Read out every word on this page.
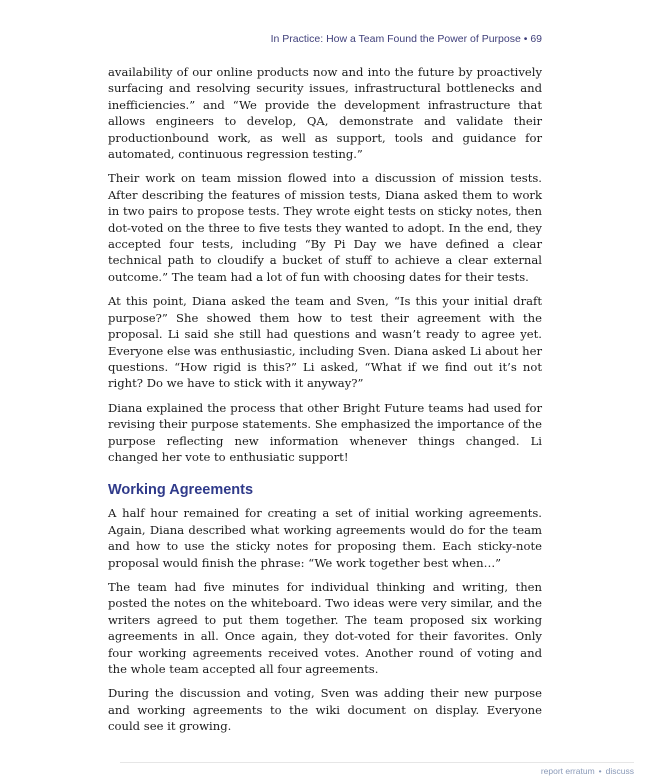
In Practice: How a Team Found the Power of Purpose • 69

availability of our online products now and into the future by proactively surfacing and resolving security issues, infrastructural bottlenecks and inefficiencies.” and “We provide the development infrastructure that allows engineers to develop, QA, demonstrate and validate their productionbound work, as well as support, tools and guidance for automated, continuous regression testing.”

Their work on team mission flowed into a discussion of mission tests. After describing the features of mission tests, Diana asked them to work in two pairs to propose tests. They wrote eight tests on sticky notes, then dot-voted on the three to five tests they wanted to adopt. In the end, they accepted four tests, including “By Pi Day we have defined a clear technical path to cloudify a bucket of stuff to achieve a clear external outcome.” The team had a lot of fun with choosing dates for their tests.

At this point, Diana asked the team and Sven, “Is this your initial draft purpose?” She showed them how to test their agreement with the proposal. Li said she still had questions and wasn’t ready to agree yet. Everyone else was enthusiastic, including Sven. Diana asked Li about her questions. “How rigid is this?” Li asked, “What if we find out it’s not right? Do we have to stick with it anyway?”

Diana explained the process that other Bright Future teams had used for revising their purpose statements. She emphasized the importance of the purpose reflecting new information whenever things changed. Li changed her vote to enthusiatic support!

Working Agreements

A half hour remained for creating a set of initial working agreements. Again, Diana described what working agreements would do for the team and how to use the sticky notes for proposing them. Each sticky-note proposal would finish the phrase: “We work together best when…”

The team had five minutes for individual thinking and writing, then posted the notes on the whiteboard. Two ideas were very similar, and the writers agreed to put them together. The team proposed six working agreements in all. Once again, they dot-voted for their favorites. Only four working agreements received votes. Another round of voting and the whole team accepted all four agreements.

During the discussion and voting, Sven was adding their new purpose and working agreements to the wiki document on display. Everyone could see it growing.

report erratum • discuss
